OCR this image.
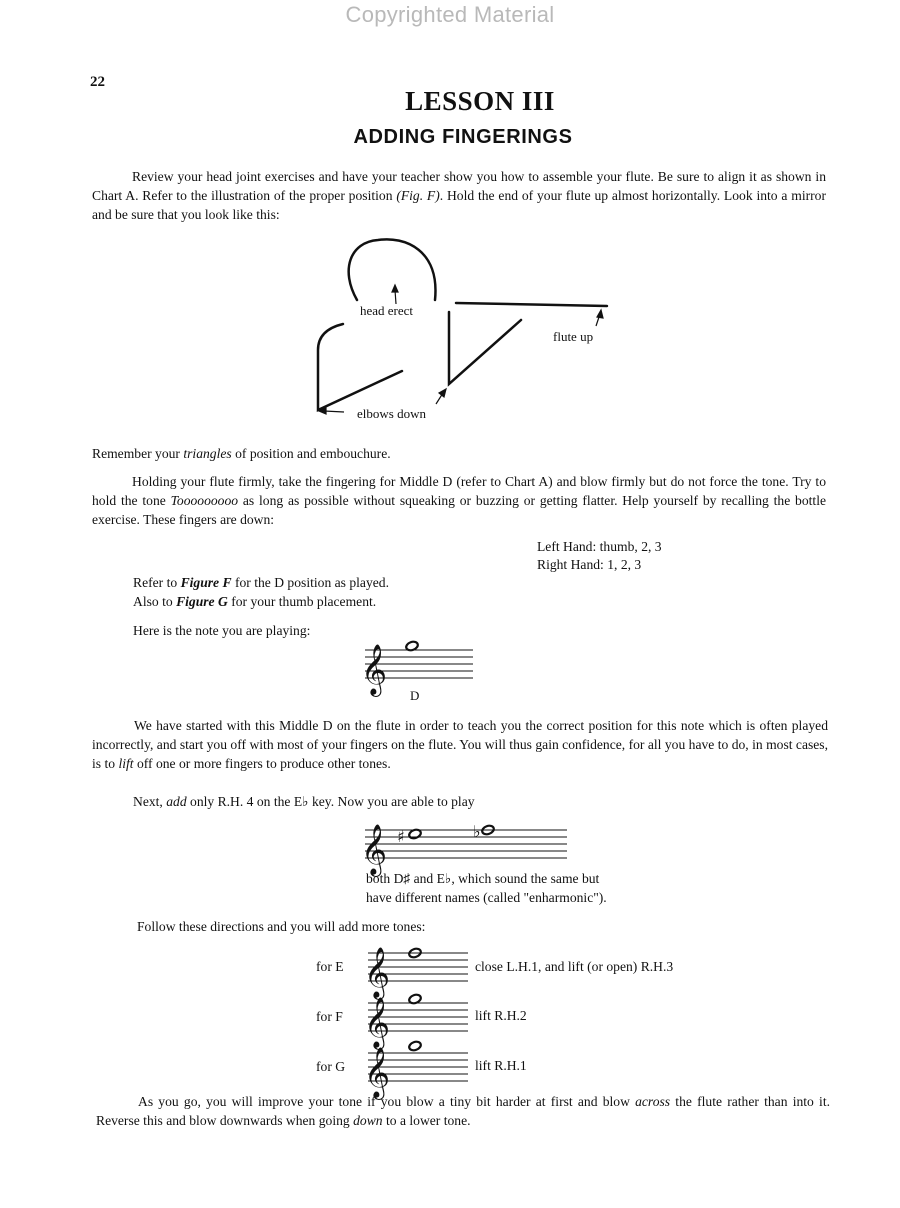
Copyrighted Material
22
LESSON III
ADDING FINGERINGS

Review your head joint exercises and have your teacher show you how to assemble your flute. Be sure to align it as shown in Chart A. Refer to the illustration of the proper position (Fig. F). Hold the end of your flute up almost horizontally. Look into a mirror and be sure that you look like this:

head erect
flute up
elbows down
Remember your triangles of position and embouchure.

Holding your flute firmly, take the fingering for Middle D (refer to Chart A) and blow firmly but do not force the tone. Try to hold the tone Tooooooooo as long as possible without squeaking or buzzing or getting flatter. Help yourself by recalling the bottle exercise. These fingers are down:

Left Hand: thumb, 2, 3
Right Hand: 1, 2, 3
Refer to Figure F for the D position as played.
Also to Figure G for your thumb placement.
Here is the note you are playing:
𝄞
D

We have started with this Middle D on the flute in order to teach you the correct position for this note which is often played incorrectly, and start you off with most of your fingers on the flute. You will thus gain confidence, for all you have to do, in most cases, is to lift off one or more fingers to produce other tones.

Next, add only R.H. 4 on the E♭ key. Now you are able to play
𝄞 ♯	♭
both D♯ and E♭, which sound the same but
have different names (called "enharmonic").
Follow these directions and you will add more tones:
for E	close L.H.1, and lift (or open) R.H.3
𝄞
for F	lift R.H.2
𝄞
for G	lift R.H.1
𝄞

As you go, you will improve your tone if you blow a tiny bit harder at first and blow across the flute rather than into it. Reverse this and blow downwards when going down to a lower tone.
